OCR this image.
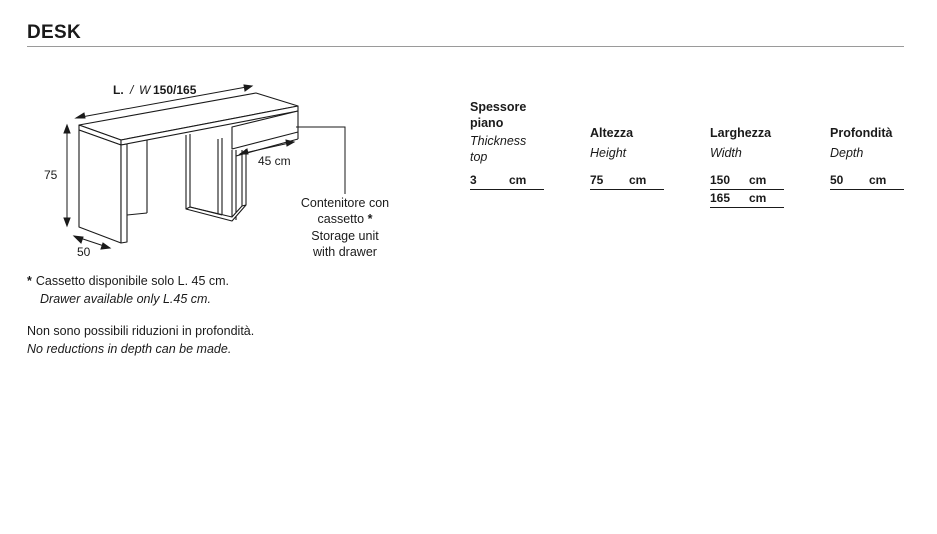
DESK
L. / W 150/165
75
50
45 cm
Contenitore con
cassetto *
Storage unit
with drawer
* Cassetto disponibile solo L. 45 cm.
Drawer available only L.45 cm.
Non sono possibili riduzioni in profondità.
No reductions in depth can be made.
Spessore
piano
Thickness
top
3	cm
Altezza
Height
75 cm
Larghezza
Width
150 cm
165 cm
Profondità
Depth
50 cm
